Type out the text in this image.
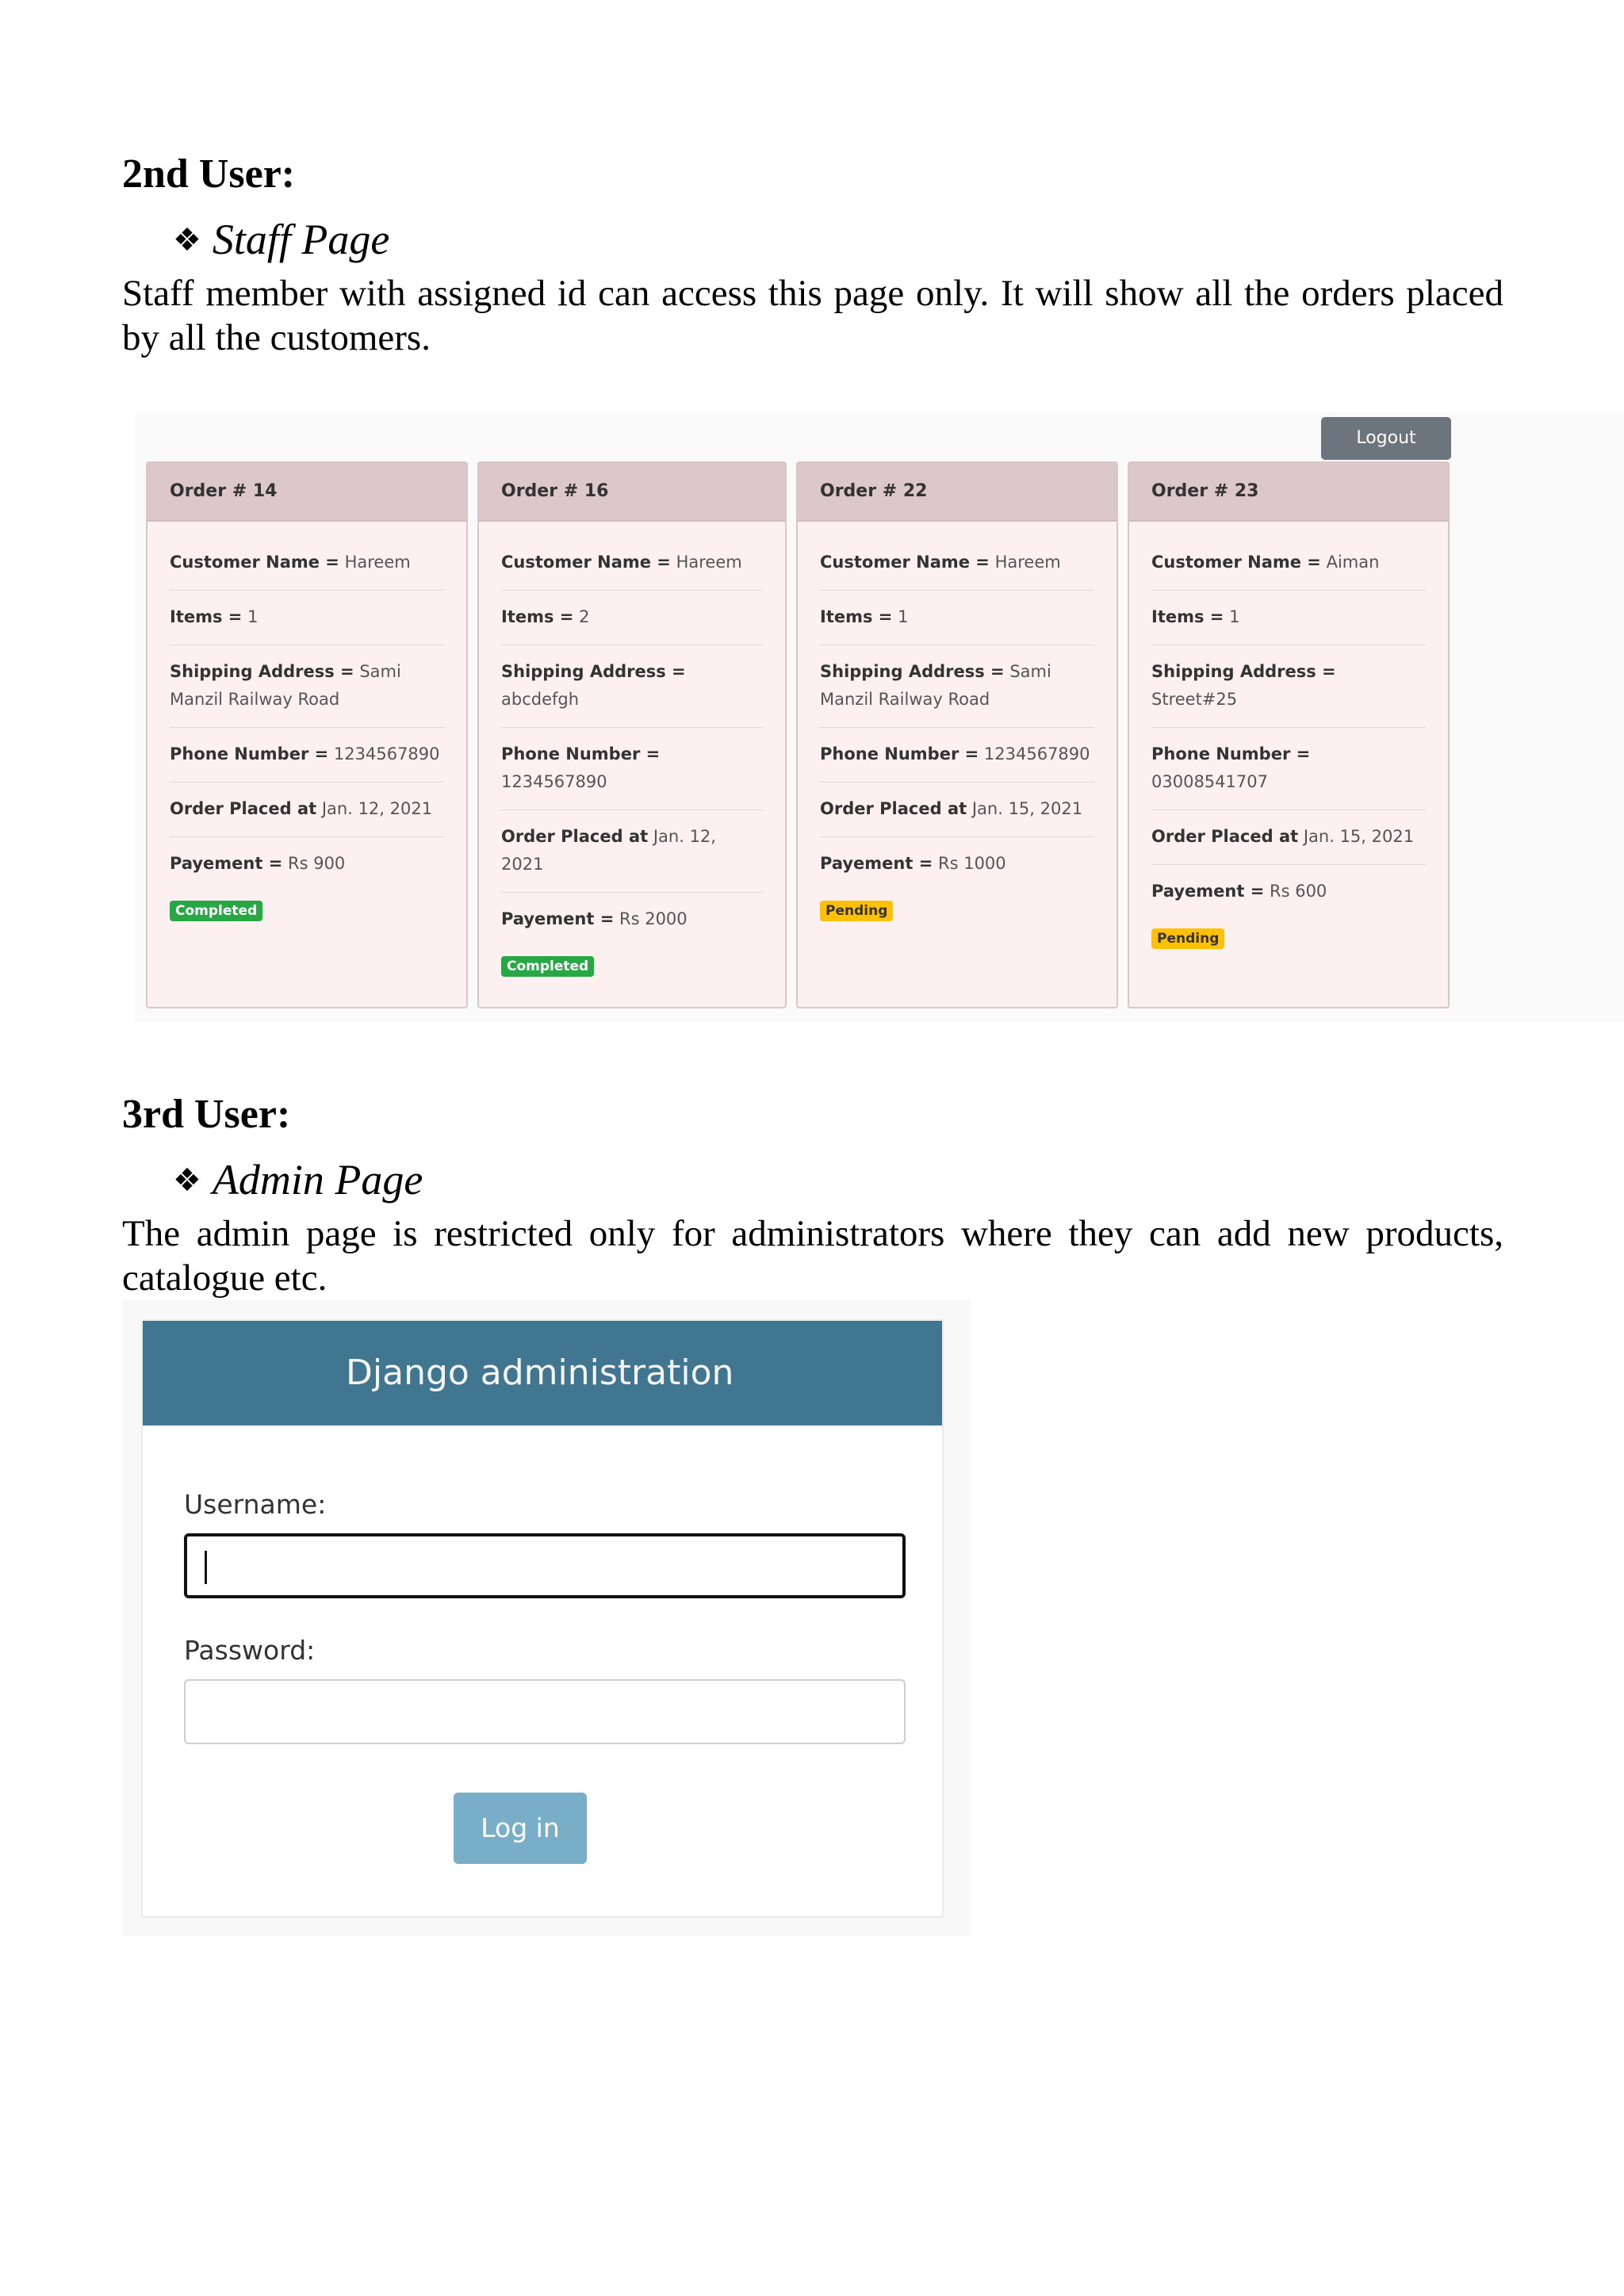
2nd User:
❖ Staff Page
Staff member with assigned id can access this page only. It will show all the orders placed by all the customers.
Logout
Order # 14
Customer Name = Hareem
Items = 1
Shipping Address = Sami Manzil Railway Road
Phone Number = 1234567890
Order Placed at Jan. 12, 2021
Payement = Rs 900
Completed
Order # 16
Customer Name = Hareem
Items = 2
Shipping Address = abcdefgh
Phone Number = 1234567890
Order Placed at Jan. 12, 2021
Payement = Rs 2000
Completed
Order # 22
Customer Name = Hareem
Items = 1
Shipping Address = Sami Manzil Railway Road
Phone Number = 1234567890
Order Placed at Jan. 15, 2021
Payement = Rs 1000
Pending
Order # 23
Customer Name = Aiman
Items = 1
Shipping Address = Street#25
Phone Number = 03008541707
Order Placed at Jan. 15, 2021
Payement = Rs 600
Pending
3rd User:
❖ Admin Page
The admin page is restricted only for administrators where they can add new products, catalogue etc.
Django administration
Username:
Password:
Log in
